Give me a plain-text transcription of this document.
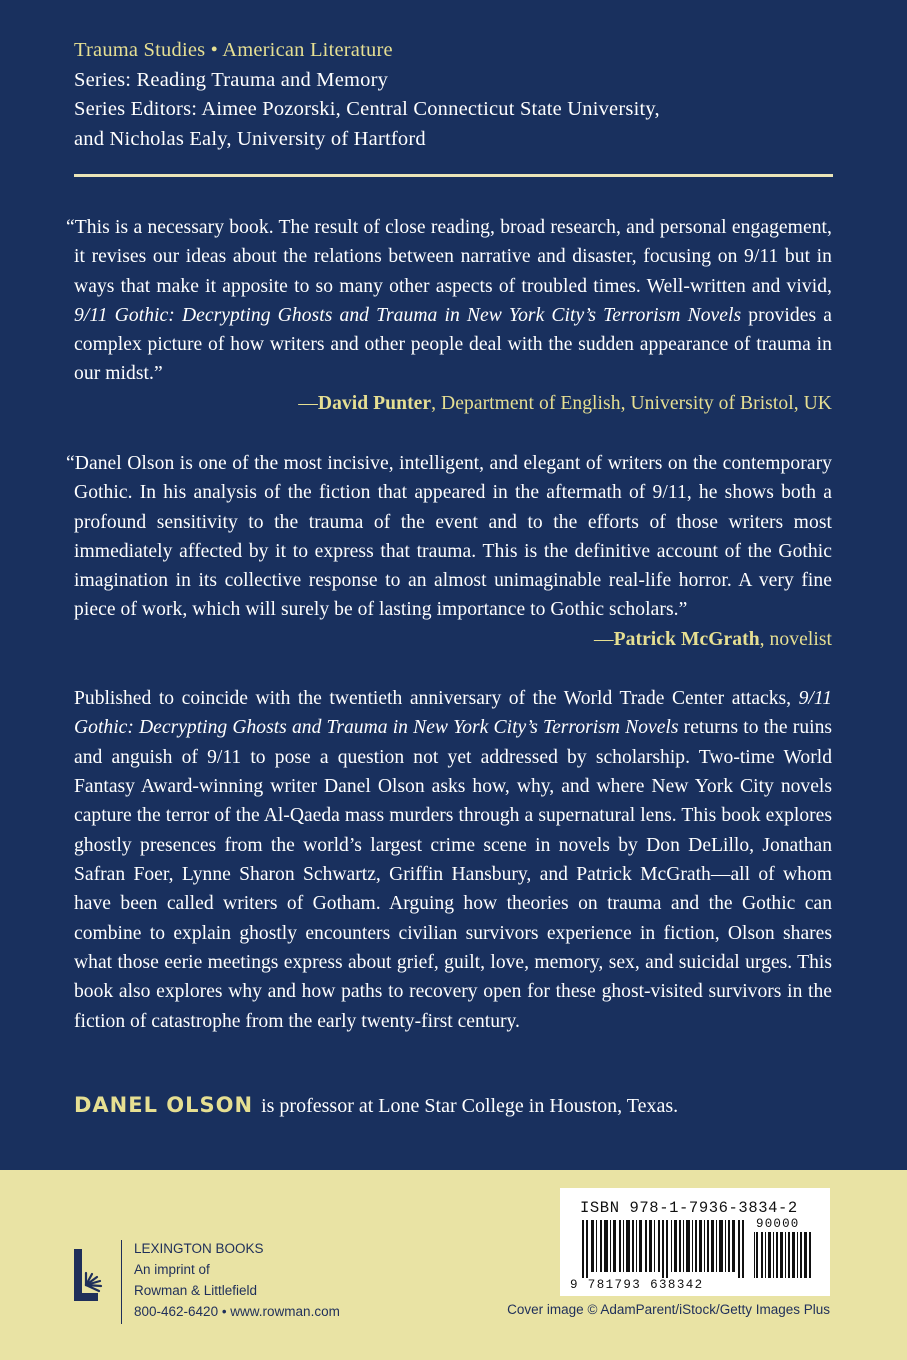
Trauma Studies • American Literature
Series: Reading Trauma and Memory
Series Editors: Aimee Pozorski, Central Connecticut State University,
and Nicholas Ealy, University of Hartford

“This is a necessary book. The result of close reading, broad research, and personal engagement, it revises our ideas about the relations between narrative and disaster, focusing on 9/11 but in ways that make it apposite to so many other aspects of troubled times. Well-written and vivid, 9/11 Gothic: Decrypting Ghosts and Trauma in New York City’s Terrorism Novels provides a complex picture of how writers and other people deal with the sudden appearance of trauma in our midst.”

—David Punter, Department of English, University of Bristol, UK

“Danel Olson is one of the most incisive, intelligent, and elegant of writers on the contemporary Gothic. In his analysis of the fiction that appeared in the aftermath of 9/11, he shows both a profound sensitivity to the trauma of the event and to the efforts of those writers most immediately affected by it to express that trauma. This is the definitive account of the Gothic imagination in its collective response to an almost unimaginable real-life horror. A very fine piece of work, which will surely be of lasting importance to Gothic scholars.”
—Patrick McGrath, novelist

Published to coincide with the twentieth anniversary of the World Trade Center attacks, 9/11 Gothic: Decrypting Ghosts and Trauma in New York City’s Terrorism Novels returns to the ruins and anguish of 9/11 to pose a question not yet addressed by scholarship. Two-time World Fantasy Award-winning writer Danel Olson asks how, why, and where New York City novels capture the terror of the Al-Qaeda mass murders through a supernatural lens. This book explores ghostly presences from the world’s largest crime scene in novels by Don DeLillo, Jonathan Safran Foer, Lynne Sharon Schwartz, Griffin Hansbury, and Patrick McGrath—all of whom have been called writers of Gotham. Arguing how theories on trauma and the Gothic can combine to explain ghostly encounters civilian survivors experience in fiction, Olson shares what those eerie meetings express about grief, guilt, love, memory, sex, and suicidal urges. This book also explores why and how paths to recovery open for these ghost-visited survivors in the fiction of catastrophe from the early twenty-first century.

DANEL OLSON is professor at Lone Star College in Houston, Texas.
LEXINGTON BOOKS
An imprint of
Rowman & Littlefield
800-462-6420 • www.rowman.com
ISBN 978-1-7936-3834-2
90000
9 781793 638342
Cover image © AdamParent/iStock/Getty Images Plus
